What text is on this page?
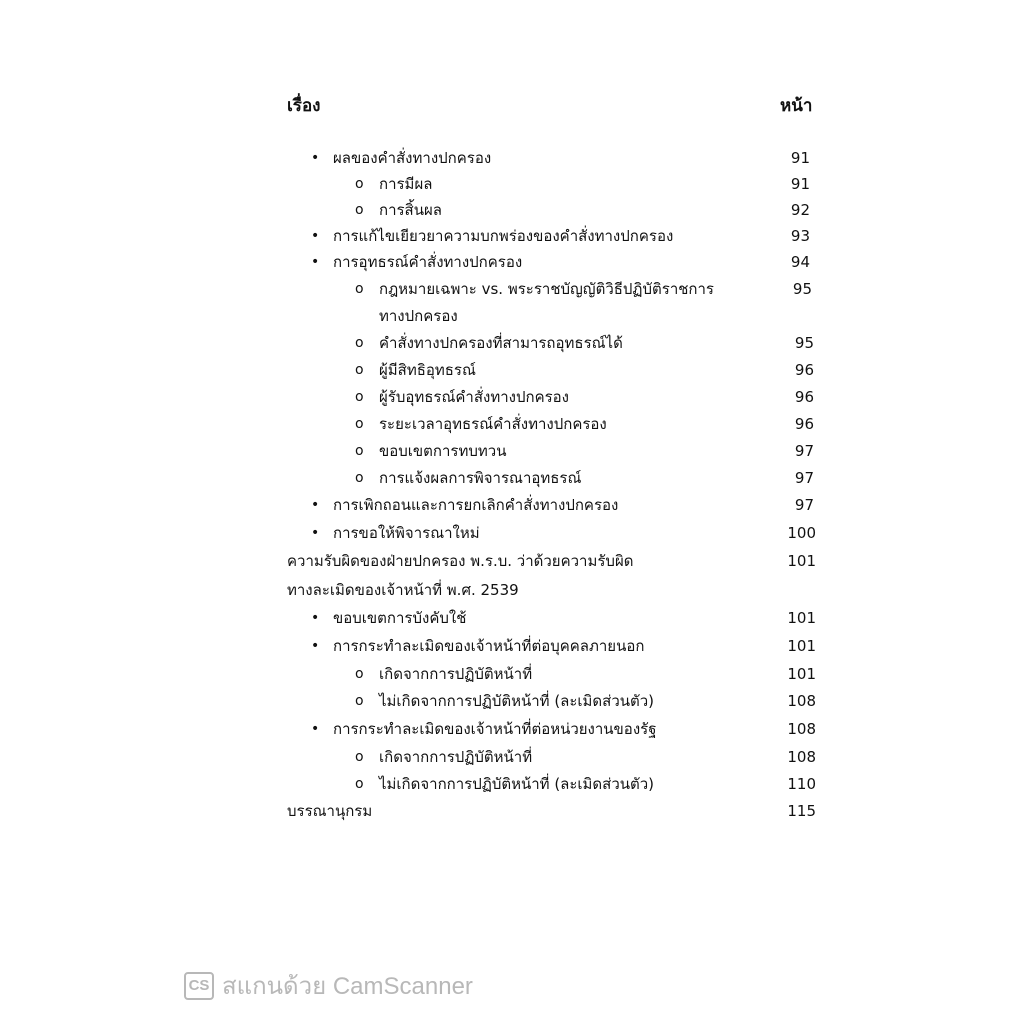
เรื่อง	หน้า
• ผลของคำสั่งทางปกครอง	91
o การมีผล	91
o การสิ้นผล	92
• การแก้ไขเยียวยาความบกพร่องของคำสั่งทางปกครอง	93
• การอุทธรณ์คำสั่งทางปกครอง	94
o กฎหมายเฉพาะ vs. พระราชบัญญัติวิธีปฏิบัติราชการ	95
ทางปกครอง
o คำสั่งทางปกครองที่สามารถอุทธรณ์ได้	95
o ผู้มีสิทธิอุทธรณ์	96
o ผู้รับอุทธรณ์คำสั่งทางปกครอง	96
o ระยะเวลาอุทธรณ์คำสั่งทางปกครอง	96
o ขอบเขตการทบทวน	97
o การแจ้งผลการพิจารณาอุทธรณ์	97
• การเพิกถอนและการยกเลิกคำสั่งทางปกครอง	97
• การขอให้พิจารณาใหม่	100
ความรับผิดของฝ่ายปกครอง พ.ร.บ. ว่าด้วยความรับผิด	101
ทางละเมิดของเจ้าหน้าที่ พ.ศ. 2539
• ขอบเขตการบังคับใช้	101
• การกระทำละเมิดของเจ้าหน้าที่ต่อบุคคลภายนอก	101
o เกิดจากการปฏิบัติหน้าที่	101
o ไม่เกิดจากการปฏิบัติหน้าที่ (ละเมิดส่วนตัว)	108
• การกระทำละเมิดของเจ้าหน้าที่ต่อหน่วยงานของรัฐ	108
o เกิดจากการปฏิบัติหน้าที่	108
o ไม่เกิดจากการปฏิบัติหน้าที่ (ละเมิดส่วนตัว)	110
บรรณานุกรม	115
CS สแกนด้วย CamScanner
